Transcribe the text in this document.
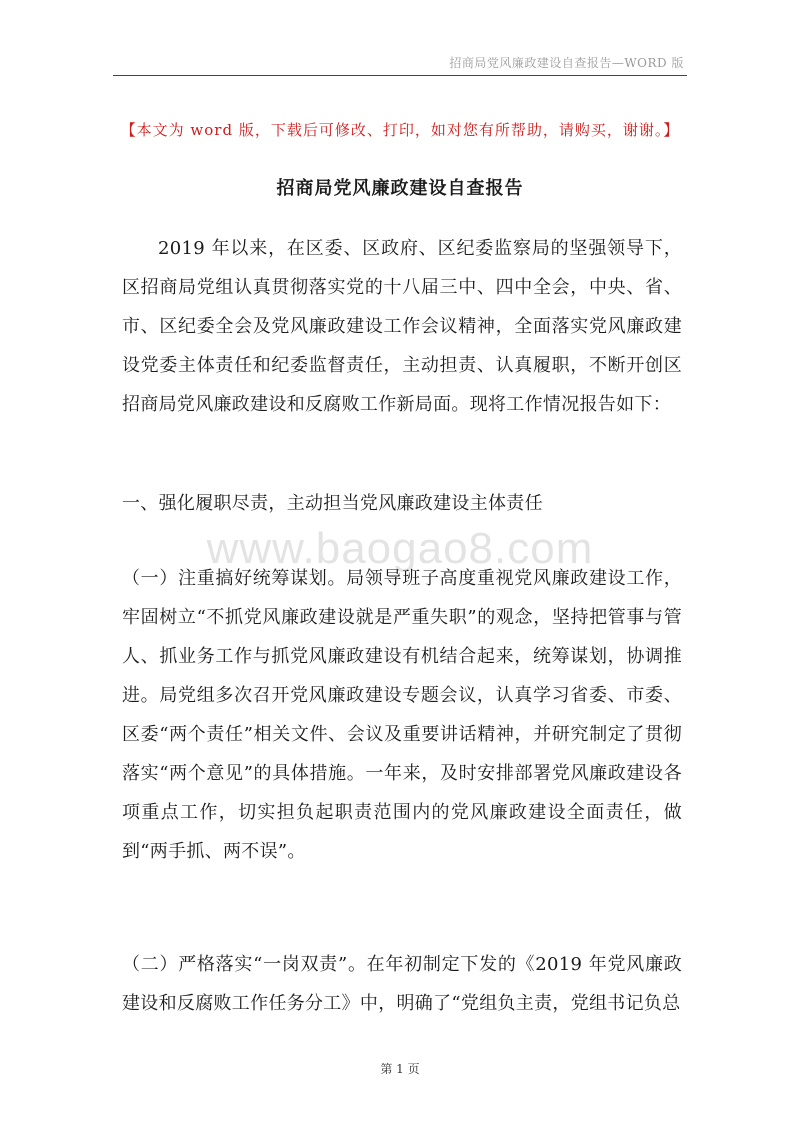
招商局党风廉政建设自查报告—WORD 版
【本文为 word 版，下载后可修改、打印，如对您有所帮助，请购买，谢谢。】
招商局党风廉政建设自查报告
2019 年以来，在区委、区政府、区纪委监察局的坚强领导下，区招商局党组认真贯彻落实党的十八届三中、四中全会，中央、省、市、区纪委全会及党风廉政建设工作会议精神，全面落实党风廉政建设党委主体责任和纪委监督责任，主动担责、认真履职，不断开创区招商局党风廉政建设和反腐败工作新局面。现将工作情况报告如下：
一、强化履职尽责，主动担当党风廉政建设主体责任
www.baogao8.com
（一）注重搞好统筹谋划。局领导班子高度重视党风廉政建设工作，牢固树立“不抓党风廉政建设就是严重失职”的观念，坚持把管事与管人、抓业务工作与抓党风廉政建设有机结合起来，统筹谋划，协调推进。局党组多次召开党风廉政建设专题会议，认真学习省委、市委、区委“两个责任”相关文件、会议及重要讲话精神，并研究制定了贯彻落实“两个意见”的具体措施。一年来，及时安排部署党风廉政建设各项重点工作，切实担负起职责范围内的党风廉政建设全面责任，做到“两手抓、两不误”。
（二）严格落实“一岗双责”。在年初制定下发的《2019 年党风廉政建设和反腐败工作任务分工》中，明确了“党组负主责，党组书记负总
第 1 页
